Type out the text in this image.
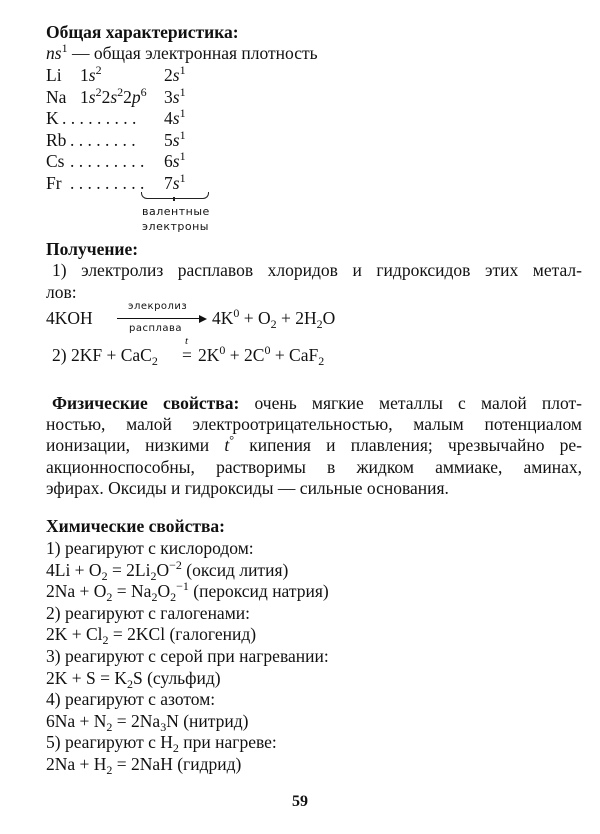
Общая характеристика:
$ns^1$ — общая электронная плотность
Li $1s^2$	$2s^1$
Na $1s^22s^22p^6$ $3s^1$
K . . . . . . . . . $4s^1$
Rb . . . . . . . . $5s^1$
Cs . . . . . . . . . $6s^1$
Fr . . . . . . . . . $7s^1$
валентные
электроны
Получение:
1) электролиз расплавов хлоридов и гидроксидов этих метал-
лов:
4KOH
элекролиз
расплава
$4K^0 + O_2 + 2H_2O$
2) 2KF + CaC$_2$ =
t
$2K^0 + 2C^0 + CaF_2$
Физические свойства: очень мягкие металлы с малой плот-
ностью, малой электроотрицательностью, малым потенциалом
ионизации, низкими t° кипения и плавления; чрезвычайно ре-
акционноспособны, растворимы в жидком аммиаке, аминах,
эфирах. Оксиды и гидроксиды — сильные основания.
Химические свойства:
1) реагируют с кислородом:
$4Li + O_2 = 2Li_2O^{-2}$ (оксид лития)
$2Na + O_2 = Na_2O_2^{-1}$ (пероксид натрия)
2) реагируют с галогенами:
$2K + Cl_2 = 2KCl$ (галогенид)
3) реагируют с серой при нагревании:
$2K + S = K_2S$ (сульфид)
4) реагируют с азотом:
$6Na + N_2 = 2Na_3N$ (нитрид)
5) реагируют с $H_2$ при нагреве:
$2Na + H_2 = 2NaH$ (гидрид)
59
